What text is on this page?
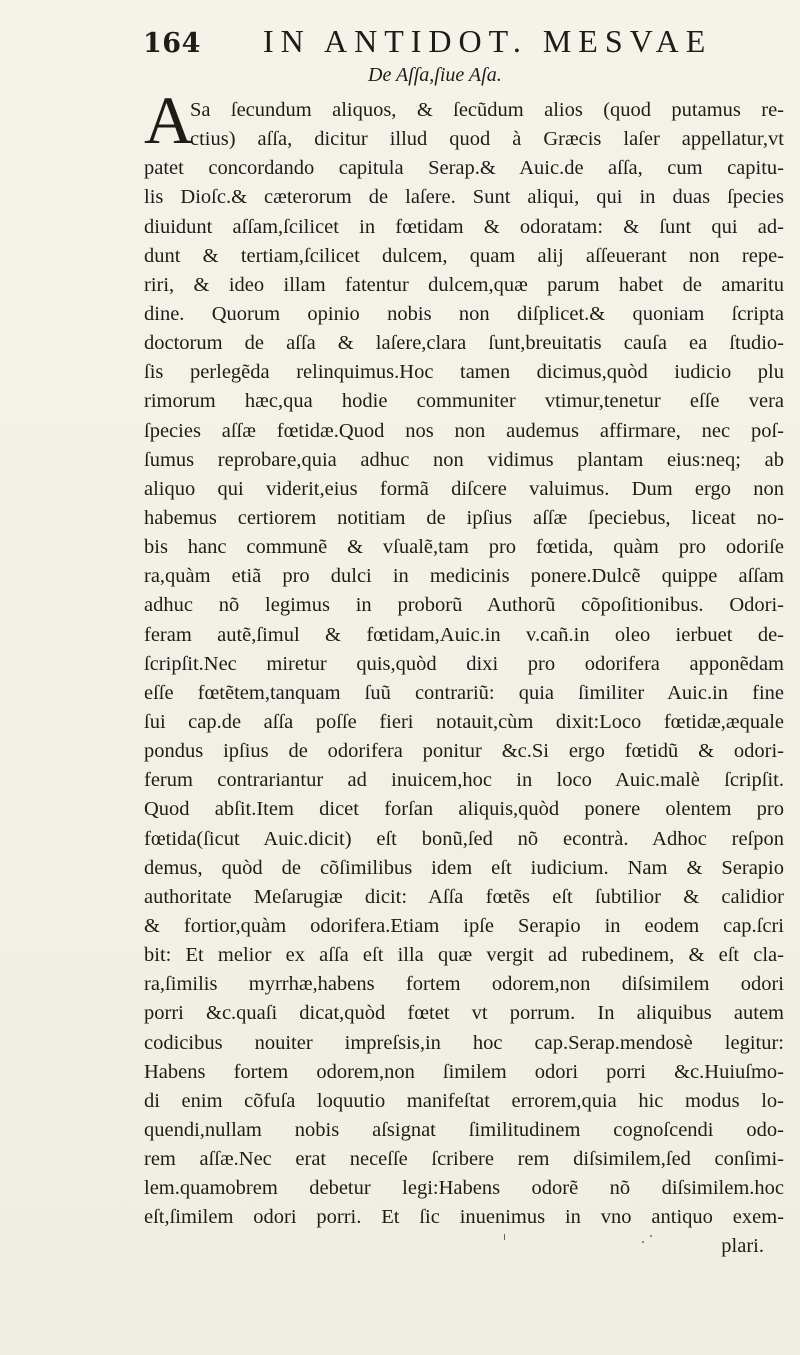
164 IN ANTIDOT. MESVAE
De Aſſa,ſiue Aſa.
A
Sa ſecundum aliquos, & ſecũdum alios (quod putamus re-
ctius) aſſa, dicitur illud quod à Græcis laſer appellatur,vt
patet concordando capitula Serap.& Auic.de aſſa, cum capitu-
lis Dioſc.& cæterorum de laſere. Sunt aliqui, qui in duas ſpecies
diuidunt aſſam,ſcilicet in fœtidam & odoratam: & ſunt qui ad-
dunt & tertiam,ſcilicet dulcem, quam alij aſſeuerant non repe-
riri, & ideo illam fatentur dulcem,quæ parum habet de amaritu
dine. Quorum opinio nobis non diſplicet.& quoniam ſcripta
doctorum de aſſa & laſere,clara ſunt,breuitatis cauſa ea ſtudio-
ſis perlegẽda relinquimus.Hoc tamen dicimus,quòd iudicio plu
rimorum hæc,qua hodie communiter vtimur,tenetur eſſe vera
ſpecies aſſæ fœtidæ.Quod nos non audemus affirmare, nec poſ-
ſumus reprobare,quia adhuc non vidimus plantam eius:neq; ab
aliquo qui viderit,eius formã diſcere valuimus. Dum ergo non
habemus certiorem notitiam de ipſius aſſæ ſpeciebus, liceat no-
bis hanc communẽ & vſualẽ,tam pro fœtida, quàm pro odoriſe
ra,quàm etiã pro dulci in medicinis ponere.Dulcẽ quippe aſſam
adhuc nõ legimus in proborũ Authorũ cõpoſitionibus. Odori-
feram autẽ,ſimul & fœtidam,Auic.in v.cañ.in oleo ierbuet de-
ſcripſit.Nec miretur quis,quòd dixi pro odorifera apponẽdam
eſſe fœtẽtem,tanquam ſuũ contrariũ: quia ſimiliter Auic.in fine
ſui cap.de aſſa poſſe fieri notauit,cùm dixit:Loco fœtidæ,æquale
pondus ipſius de odorifera ponitur &c.Si ergo fœtidũ & odori-
ferum contrariantur ad inuicem,hoc in loco Auic.malè ſcripſit.
Quod abſit.Item dicet forſan aliquis,quòd ponere olentem pro
fœtida(ſicut Auic.dicit) eſt bonũ,ſed nõ econtrà. Adhoc reſpon
demus, quòd de cõſimilibus idem eſt iudicium. Nam & Serapio
authoritate Meſarugiæ dicit: Aſſa fœtẽs eſt ſubtilior & calidior
& fortior,quàm odorifera.Etiam ipſe Serapio in eodem cap.ſcri
bit: Et melior ex aſſa eſt illa quæ vergit ad rubedinem, & eſt cla-
ra,ſimilis myrrhæ,habens fortem odorem,non diſsimilem odori
porri &c.quaſi dicat,quòd fœtet vt porrum. In aliquibus autem
codicibus nouiter impreſsis,in hoc cap.Serap.mendosè legitur:
Habens fortem odorem,non ſimilem odori porri &c.Huiuſmo-
di enim cõfuſa loquutio manifeſtat errorem,quia hic modus lo-
quendi,nullam nobis aſsignat ſimilitudinem cognoſcendi odo-
rem aſſæ.Nec erat neceſſe ſcribere rem diſsimilem,ſed conſimi-
lem.quamobrem debetur legi:Habens odorẽ nõ diſsimilem.hoc
eſt,ſimilem odori porri. Et ſic inuenimus in vno antiquo exem-
plari.
